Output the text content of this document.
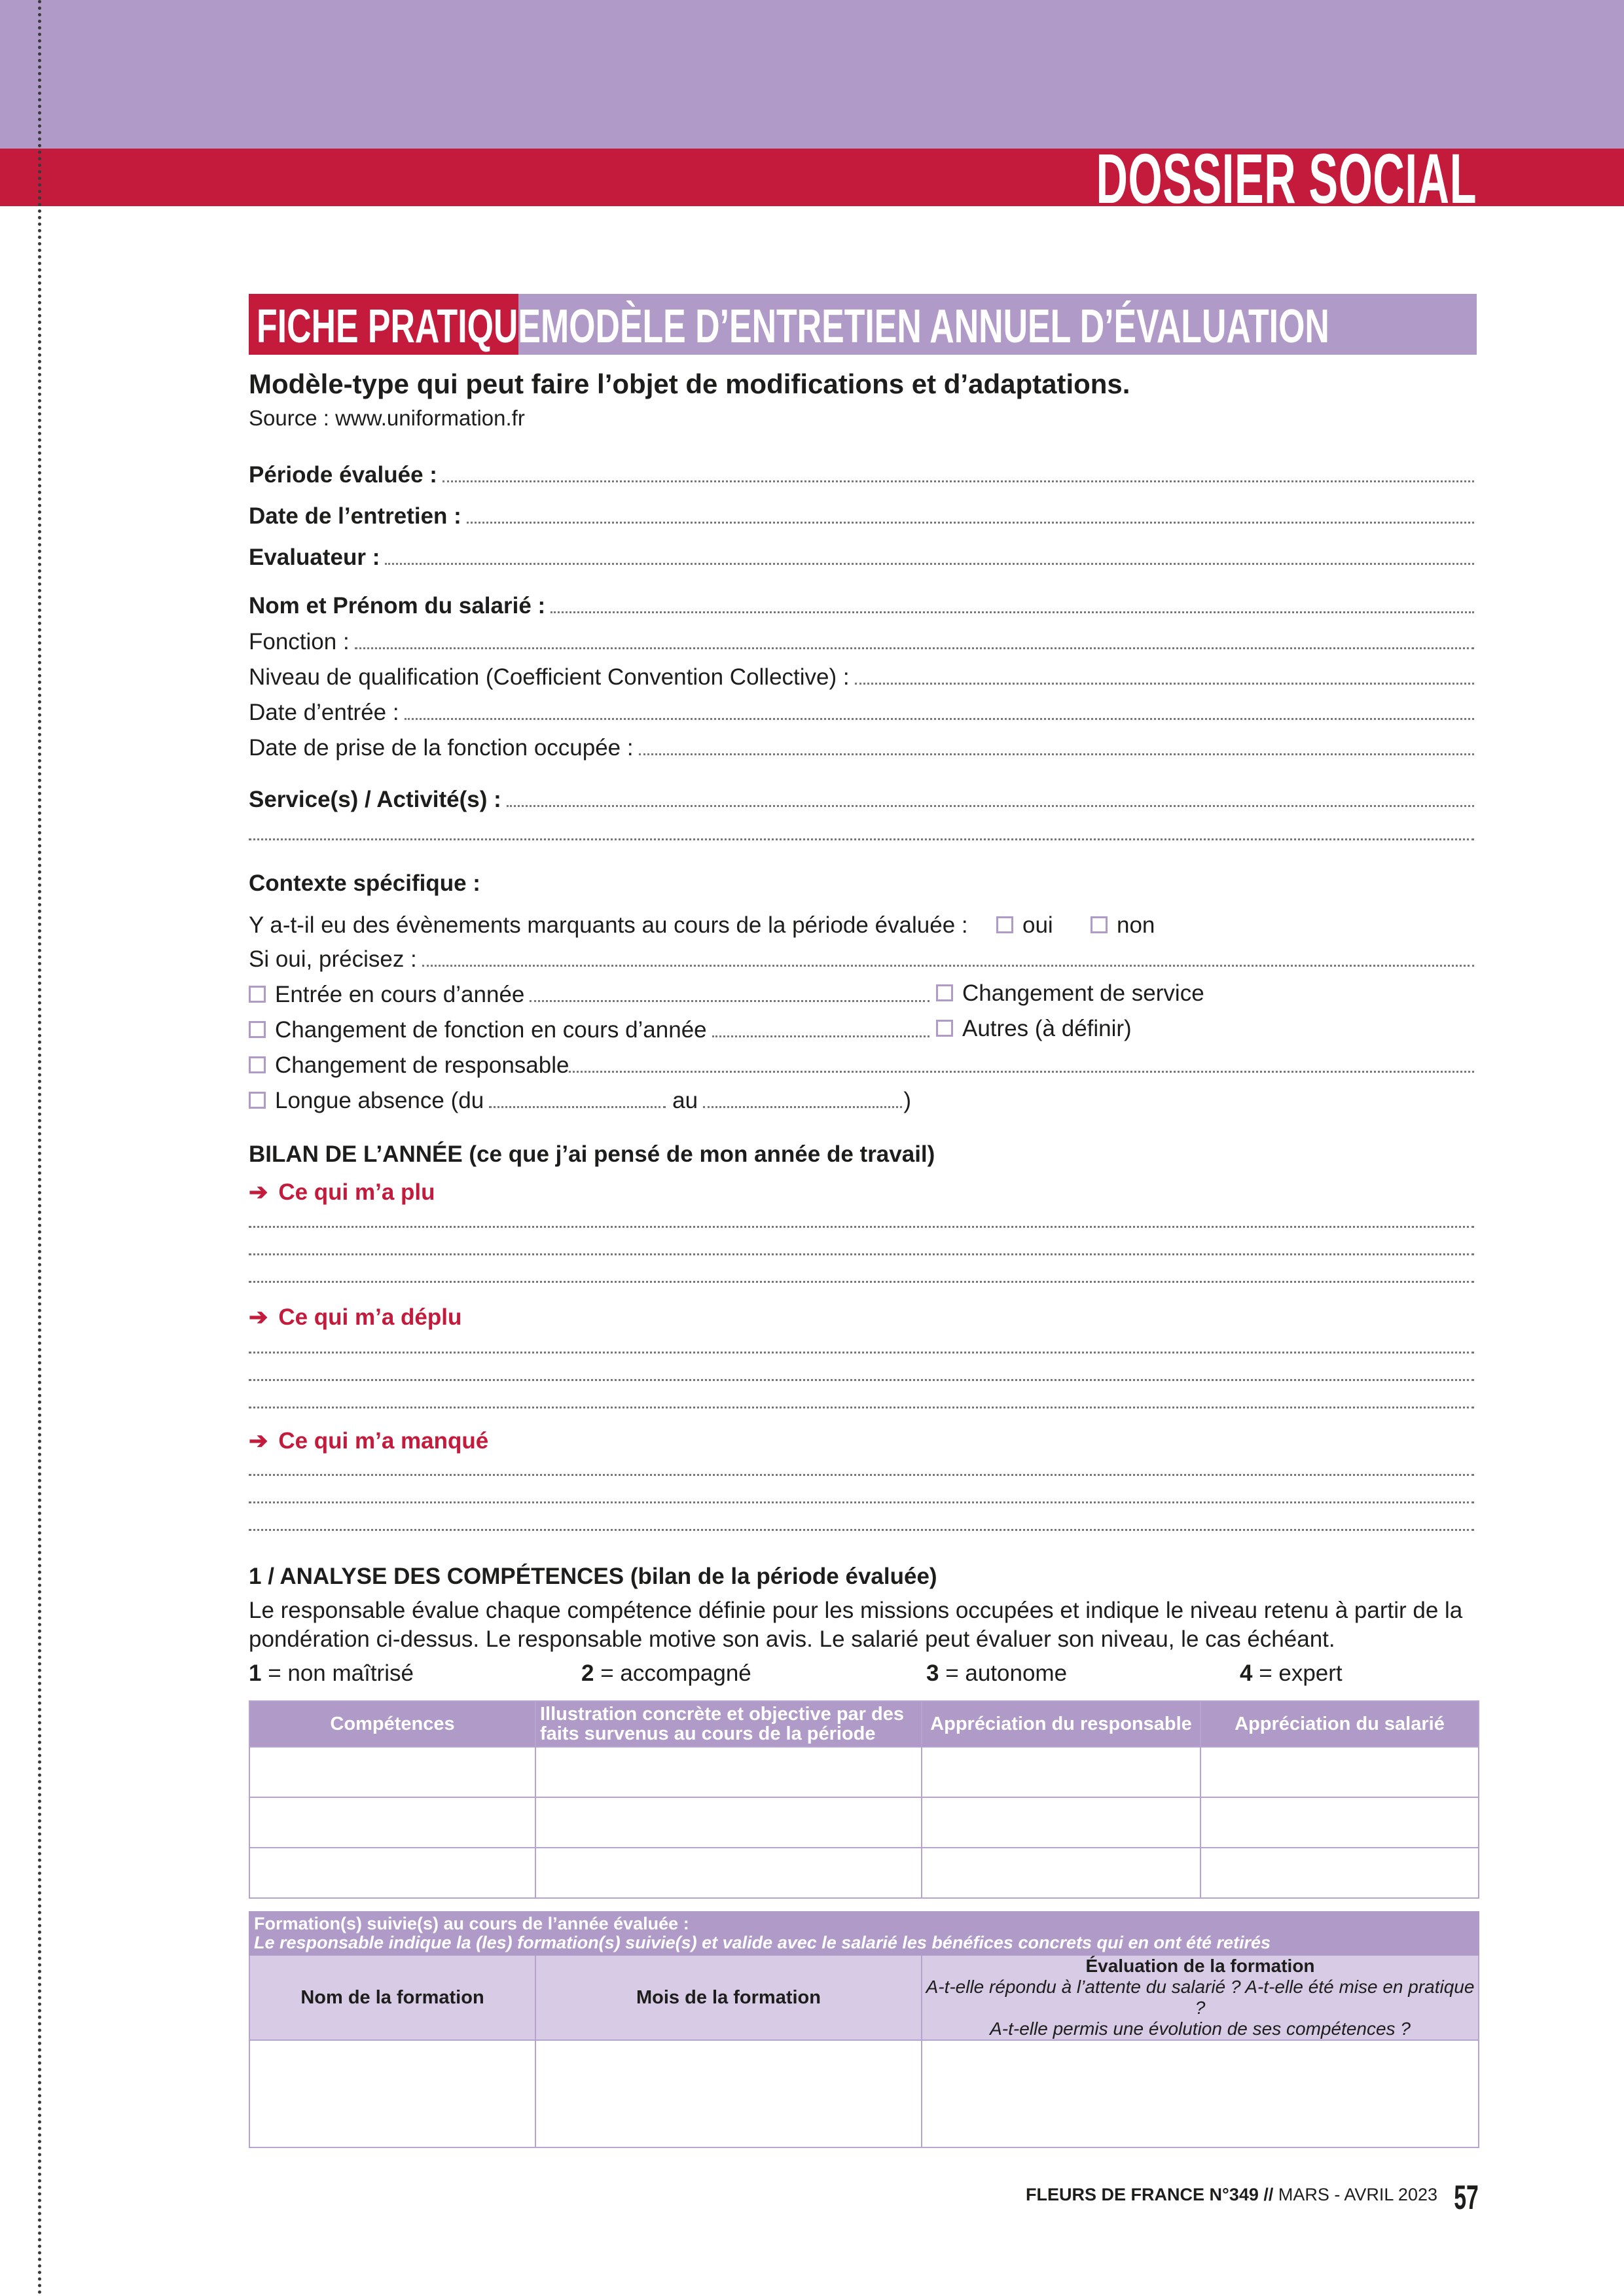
DOSSIER SOCIAL
FICHE PRATIQUE MODÈLE D’ENTRETIEN ANNUEL D’ÉVALUATION
Modèle-type qui peut faire l’objet de modifications et d’adaptations.
Source : www.uniformation.fr
Période évaluée :
Date de l’entretien :
Evaluateur :
Nom et Prénom du salarié :
Fonction :
Niveau de qualification (Coefficient Convention Collective) :
Date d’entrée :
Date de prise de la fonction occupée :
Service(s) / Activité(s) :
Contexte spécifique :
Y a-t-il eu des évènements marquants au cours de la période évaluée :	oui	non
Si oui, précisez :
Entrée en cours d’année	Changement de service
Changement de fonction en cours d’année	Autres (à définir)
Changement de responsable
Longue absence (du	au	)
BILAN DE L’ANNÉE (ce que j’ai pensé de mon année de travail)
➔ Ce qui m’a plu
➔ Ce qui m’a déplu
➔ Ce qui m’a manqué
1 / ANALYSE DES COMPÉTENCES (bilan de la période évaluée)
Le responsable évalue chaque compétence définie pour les missions occupées et indique le niveau retenu à partir de la
pondération ci-dessus. Le responsable motive son avis. Le salarié peut évaluer son niveau, le cas échéant.
1 = non maîtrisé	2 = accompagné	3 = autonome	4 = expert
Compétences	Illustration concrète et objective par des faits survenus au cours de la période	Appréciation du responsable	Appréciation du salarié

Formation(s) suivie(s) au cours de l’année évaluée :
Le responsable indique la (les) formation(s) suivie(s) et valide avec le salarié les bénéfices concrets qui en ont été retirés		

Nom de la formation	Mois de la formation	Évaluation de la formation
A-t-elle répondu à l’attente du salarié ? A-t-elle été mise en pratique ?
A-t-elle permis une évolution de ses compétences ?

FLEURS DE FRANCE N°349 // MARS - AVRIL 2023 57
